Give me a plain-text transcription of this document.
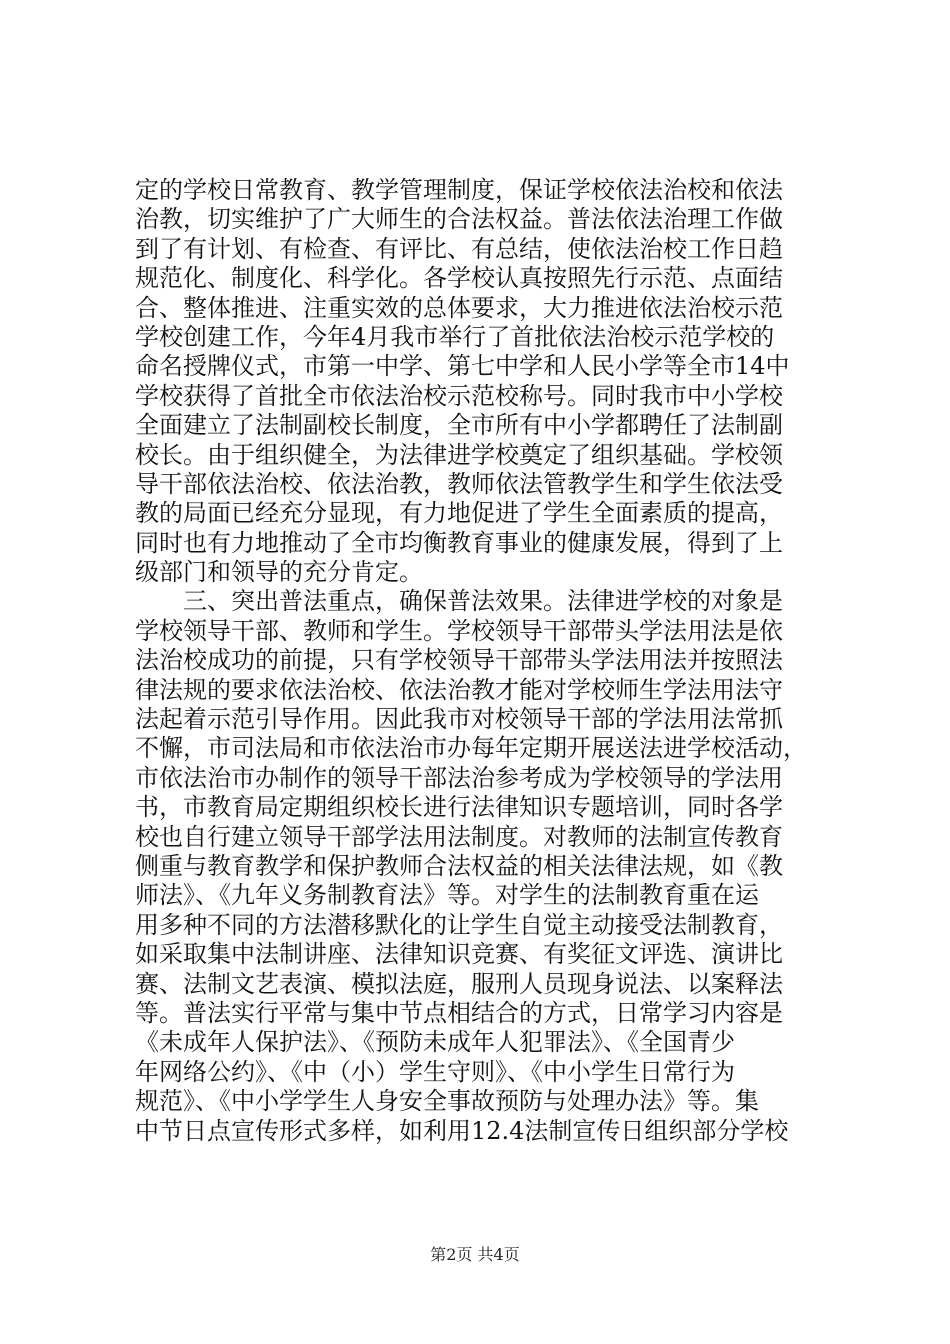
定的学校日常教育、教学管理制度，保证学校依法治校和依法
治教，切实维护了广大师生的合法权益。普法依法治理工作做
到了有计划、有检查、有评比、有总结，使依法治校工作日趋
规范化、制度化、科学化。各学校认真按照先行示范、点面结
合、整体推进、注重实效的总体要求，大力推进依法治校示范
学校创建工作，今年4月我市举行了首批依法治校示范学校的
命名授牌仪式，市第一中学、第七中学和人民小学等全市14中
学校获得了首批全市依法治校示范校称号。同时我市中小学校
全面建立了法制副校长制度，全市所有中小学都聘任了法制副
校长。由于组织健全，为法律进学校奠定了组织基础。学校领
导干部依法治校、依法治教，教师依法管教学生和学生依法受
教的局面已经充分显现，有力地促进了学生全面素质的提高，
同时也有力地推动了全市均衡教育事业的健康发展，得到了上
级部门和领导的充分肯定。
　　三、突出普法重点，确保普法效果。法律进学校的对象是
学校领导干部、教师和学生。学校领导干部带头学法用法是依
法治校成功的前提，只有学校领导干部带头学法用法并按照法
律法规的要求依法治校、依法治教才能对学校师生学法用法守
法起着示范引导作用。因此我市对校领导干部的学法用法常抓
不懈，市司法局和市依法治市办每年定期开展送法进学校活动，
市依法治市办制作的领导干部法治参考成为学校领导的学法用
书，市教育局定期组织校长进行法律知识专题培训，同时各学
校也自行建立领导干部学法用法制度。对教师的法制宣传教育
侧重与教育教学和保护教师合法权益的相关法律法规，如《教
师法》、《九年义务制教育法》等。对学生的法制教育重在运
用多种不同的方法潜移默化的让学生自觉主动接受法制教育，
如采取集中法制讲座、法律知识竞赛、有奖征文评选、演讲比
赛、法制文艺表演、模拟法庭，服刑人员现身说法、以案释法
等。普法实行平常与集中节点相结合的方式，日常学习内容是
《未成年人保护法》、《预防未成年人犯罪法》、《全国青少
年网络公约》、《中（小）学生守则》、《中小学生日常行为
规范》、《中小学学生人身安全事故预防与处理办法》等。集
中节日点宣传形式多样，如利用12.4法制宣传日组织部分学校
第2页 共4页
